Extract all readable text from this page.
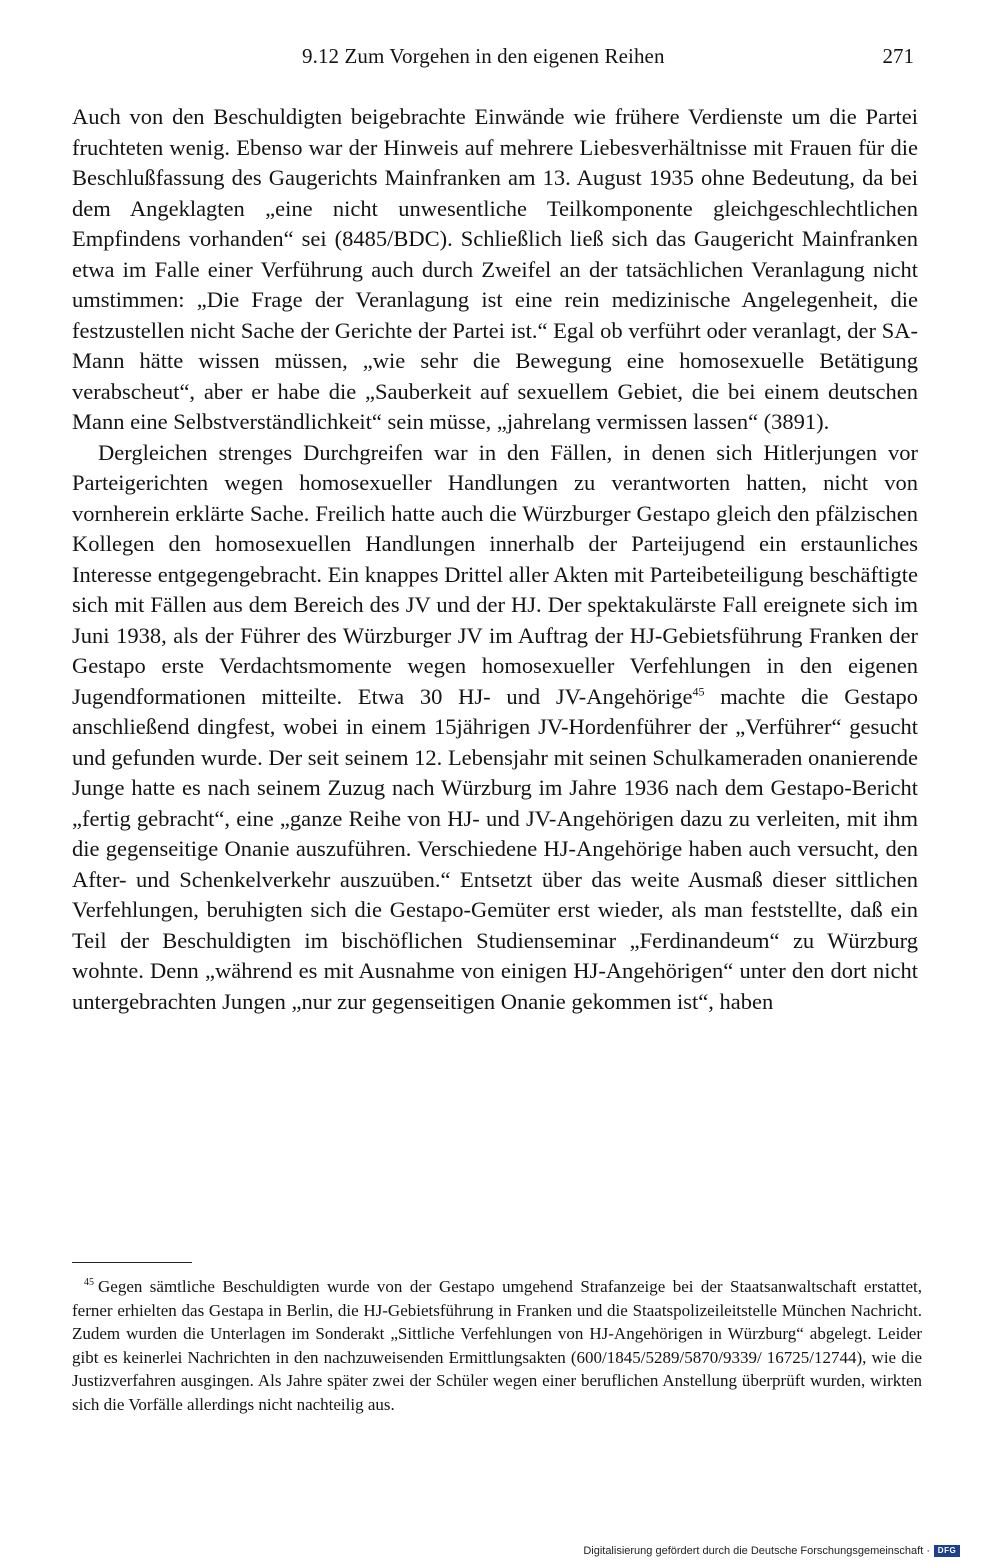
9.12 Zum Vorgehen in den eigenen Reihen	271

Auch von den Beschuldigten beigebrachte Einwände wie frühere Verdienste um die Partei fruchteten wenig. Ebenso war der Hinweis auf mehrere Liebesverhältnisse mit Frauen für die Beschlußfassung des Gaugerichts Mainfranken am 13. August 1935 ohne Bedeutung, da bei dem Angeklagten „eine nicht unwesentliche Teilkomponente gleichgeschlechtlichen Empfindens vorhanden“ sei (8485/BDC). Schließlich ließ sich das Gaugericht Mainfranken etwa im Falle einer Verführung auch durch Zweifel an der tatsächlichen Veranlagung nicht umstimmen: „Die Frage der Veranlagung ist eine rein medizinische Angelegenheit, die festzustellen nicht Sache der Gerichte der Partei ist.“ Egal ob verführt oder veranlagt, der SA-Mann hätte wissen müssen, „wie sehr die Bewegung eine homosexuelle Betätigung verabscheut“, aber er habe die „Sauberkeit auf sexuellem Gebiet, die bei einem deutschen Mann eine Selbstverständlichkeit“ sein müsse, „jahrelang vermissen lassen“ (3891).

Dergleichen strenges Durchgreifen war in den Fällen, in denen sich Hitlerjungen vor Parteigerichten wegen homosexueller Handlungen zu verantworten hatten, nicht von vornherein erklärte Sache. Freilich hatte auch die Würzburger Gestapo gleich den pfälzischen Kollegen den homosexuellen Handlungen innerhalb der Parteijugend ein erstaunliches Interesse entgegengebracht. Ein knappes Drittel aller Akten mit Parteibeteiligung beschäftigte sich mit Fällen aus dem Bereich des JV und der HJ. Der spektakulärste Fall ereignete sich im Juni 1938, als der Führer des Würzburger JV im Auftrag der HJ-Gebietsführung Franken der Gestapo erste Verdachtsmomente wegen homosexueller Verfehlungen in den eigenen Jugendformationen mitteilte. Etwa 30 HJ- und JV-Angehörige$^{45}$ machte die Gestapo anschließend dingfest, wobei in einem 15jährigen JV-Hordenführer der „Verführer“ gesucht und gefunden wurde. Der seit seinem 12. Lebensjahr mit seinen Schulkameraden onanierende Junge hatte es nach seinem Zuzug nach Würzburg im Jahre 1936 nach dem Gestapo-Bericht „fertig gebracht“, eine „ganze Reihe von HJ- und JV-Angehörigen dazu zu verleiten, mit ihm die gegenseitige Onanie auszuführen. Verschiedene HJ-Angehörige haben auch versucht, den After- und Schenkelverkehr auszuüben.“ Entsetzt über das weite Ausmaß dieser sittlichen Verfehlungen, beruhigten sich die Gestapo-Gemüter erst wieder, als man feststellte, daß ein Teil der Beschuldigten im bischöflichen Studienseminar „Ferdinandeum“ zu Würzburg wohnte. Denn „während es mit Ausnahme von einigen HJ-Angehörigen“ unter den dort nicht untergebrachten Jungen „nur zur gegenseitigen Onanie gekommen ist“, haben

$^{45}$ Gegen sämtliche Beschuldigten wurde von der Gestapo umgehend Strafanzeige bei der Staatsanwaltschaft erstattet, ferner erhielten das Gestapa in Berlin, die HJ-Gebietsführung in Franken und die Staatspolizeileitstelle München Nachricht. Zudem wurden die Unterlagen im Sonderakt „Sittliche Verfehlungen von HJ-Angehörigen in Würzburg“ abgelegt. Leider gibt es keinerlei Nachrichten in den nachzuweisenden Ermittlungsakten (600/1845/5289/5870/9339/ 16725/12744), wie die Justizverfahren ausgingen. Als Jahre später zwei der Schüler wegen einer beruflichen Anstellung überprüft wurden, wirkten sich die Vorfälle allerdings nicht nachteilig aus.

Digitalisierung gefördert durch die Deutsche Forschungsgemeinschaft · DFG
